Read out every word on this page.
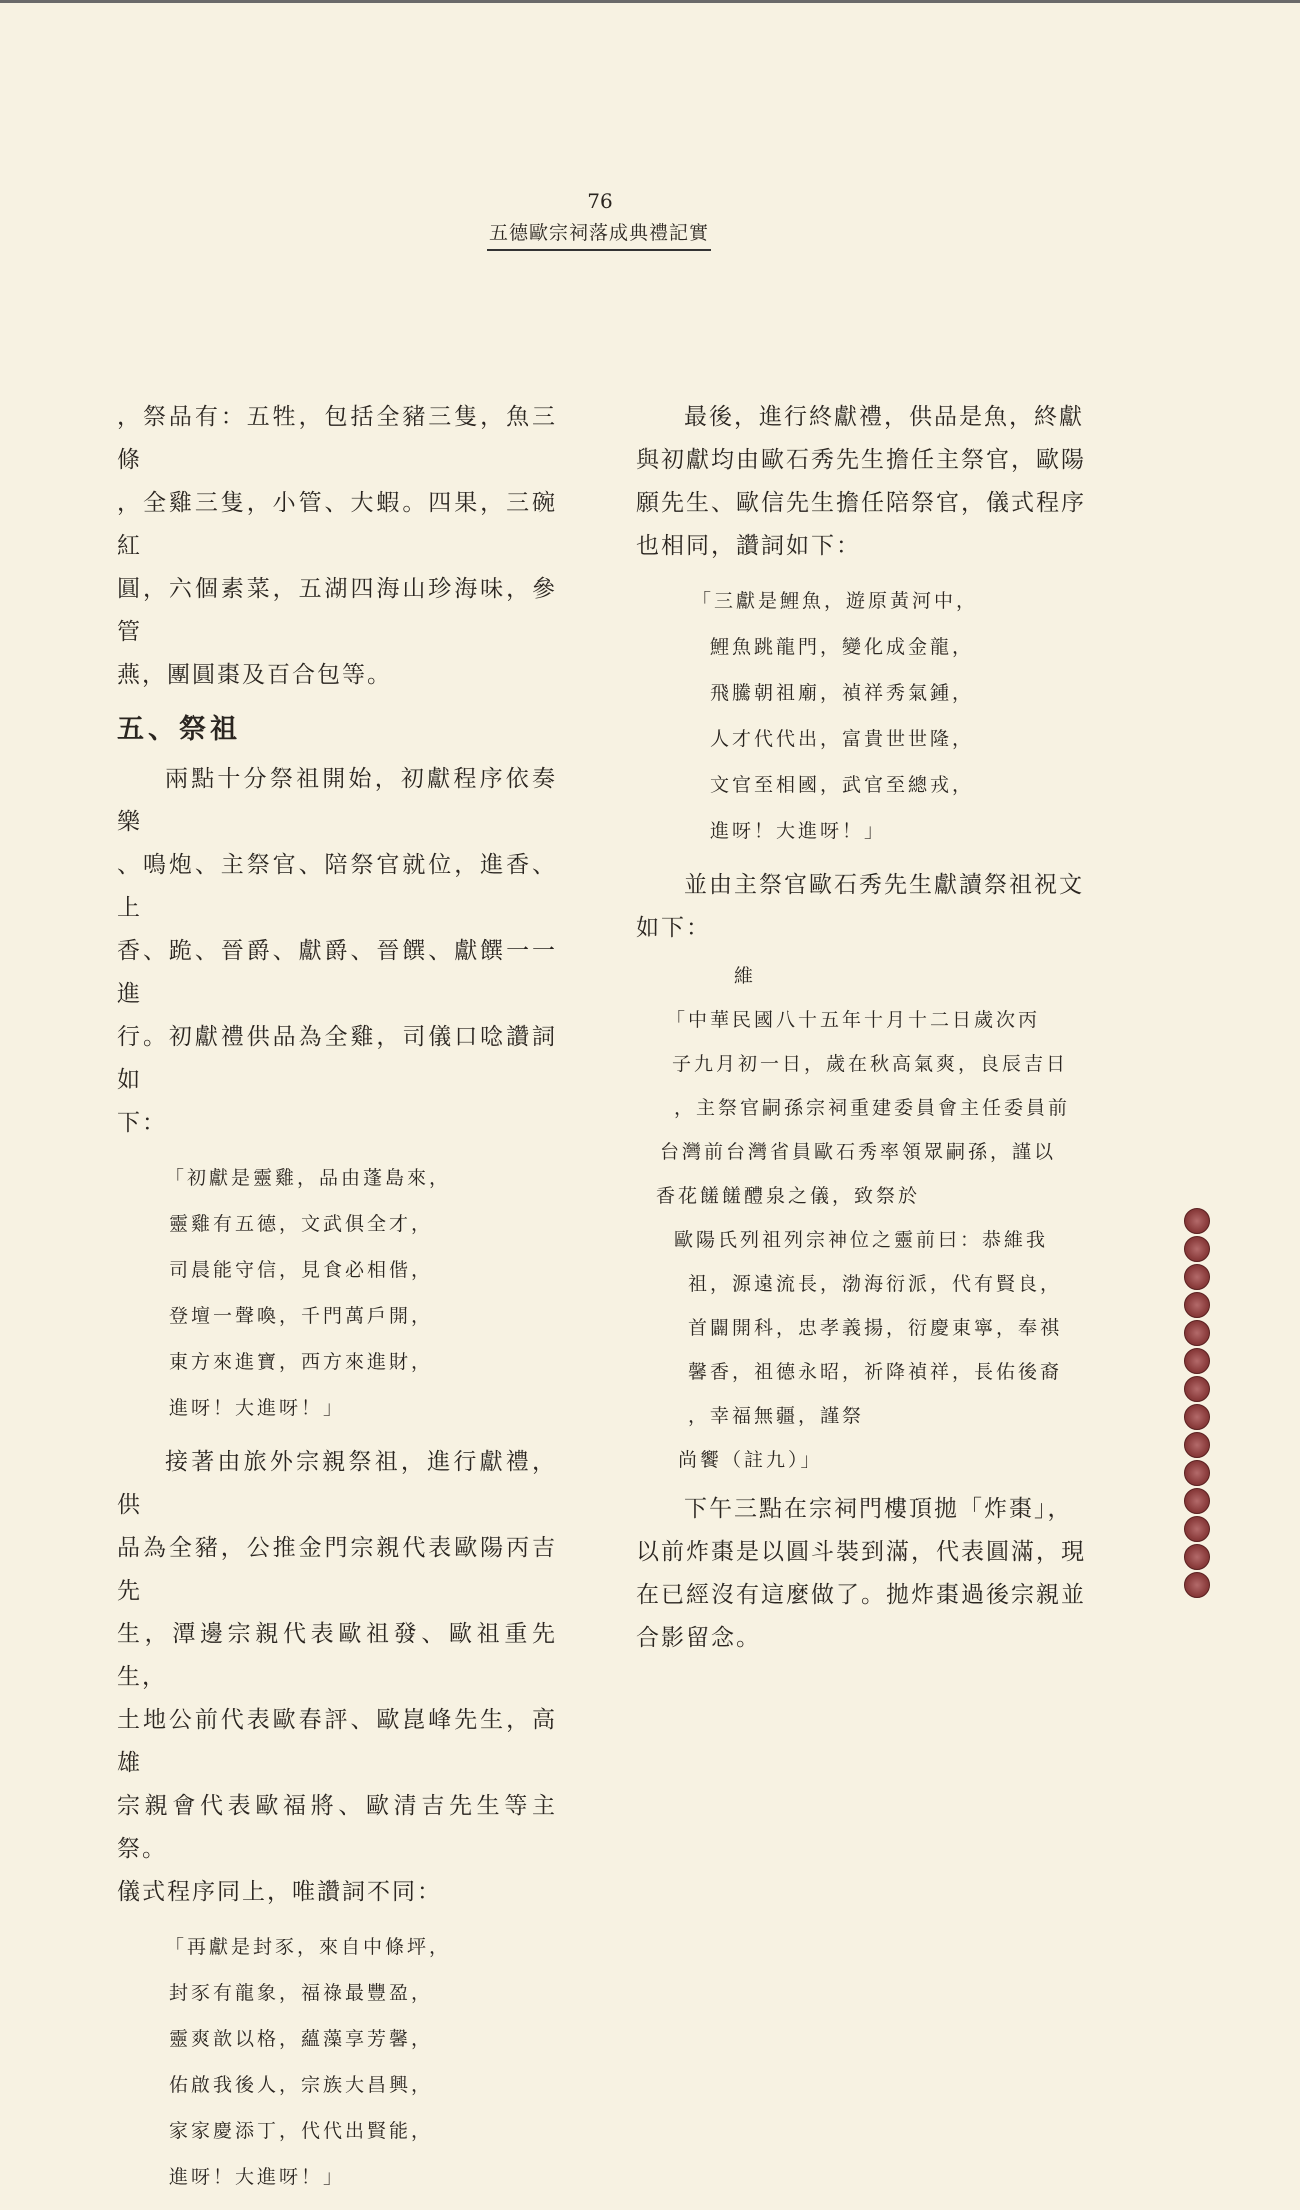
76
五德歐宗祠落成典禮記實
，祭品有：五牲，包括全豬三隻，魚三條
，全雞三隻，小管、大蝦。四果，三碗紅
圓，六個素菜，五湖四海山珍海味，參管
燕，團圓棗及百合包等。
五、祭祖
兩點十分祭祖開始，初獻程序依奏樂
、鳴炮、主祭官、陪祭官就位，進香、上
香、跪、晉爵、獻爵、晉饌、獻饌一一進
行。初獻禮供品為全雞，司儀口唸讚詞如
下：
「初獻是靈雞，品由蓬島來，
靈雞有五德，文武俱全才，
司晨能守信，見食必相偕，
登壇一聲喚，千門萬戶開，
東方來進寶，西方來進財，
進呀！大進呀！」
接著由旅外宗親祭祖，進行獻禮，供
品為全豬，公推金門宗親代表歐陽丙吉先
生，潭邊宗親代表歐祖發、歐祖重先生，
土地公前代表歐春評、歐崑峰先生，高雄
宗親會代表歐福將、歐清吉先生等主祭。
儀式程序同上，唯讚詞不同：
「再獻是封豕，來自中條坪，
封豕有龍象，福祿最豐盈，
靈爽歆以格，蘊藻享芳馨，
佑啟我後人，宗族大昌興，
家家慶添丁，代代出賢能，
進呀！大進呀！」
最後，進行終獻禮，供品是魚，終獻
與初獻均由歐石秀先生擔任主祭官，歐陽
願先生、歐信先生擔任陪祭官，儀式程序
也相同，讚詞如下：
「三獻是鯉魚，遊原黃河中，
鯉魚跳龍門，變化成金龍，
飛騰朝祖廟，禎祥秀氣鍾，
人才代代出，富貴世世隆，
文官至相國，武官至總戎，
進呀！大進呀！」
並由主祭官歐石秀先生獻讀祭祖祝文
如下：
維
「中華民國八十五年十月十二日歲次丙
子九月初一日，歲在秋高氣爽，良辰吉日
，主祭官嗣孫宗祠重建委員會主任委員前
台灣前台灣省員歐石秀率領眾嗣孫，謹以
香花饈饈醴泉之儀，致祭於
歐陽氏列祖列宗神位之靈前曰：恭維我
祖，源遠流長，渤海衍派，代有賢良，
首闢開科，忠孝義揚，衍慶東寧，奉祺
馨香，祖德永昭，祈降禎祥，長佑後裔
，幸福無疆，謹祭
尚饗（註九）」
下午三點在宗祠門樓頂拋「炸棗」，
以前炸棗是以圓斗裝到滿，代表圓滿，現
在已經沒有這麼做了。拋炸棗過後宗親並
合影留念。
